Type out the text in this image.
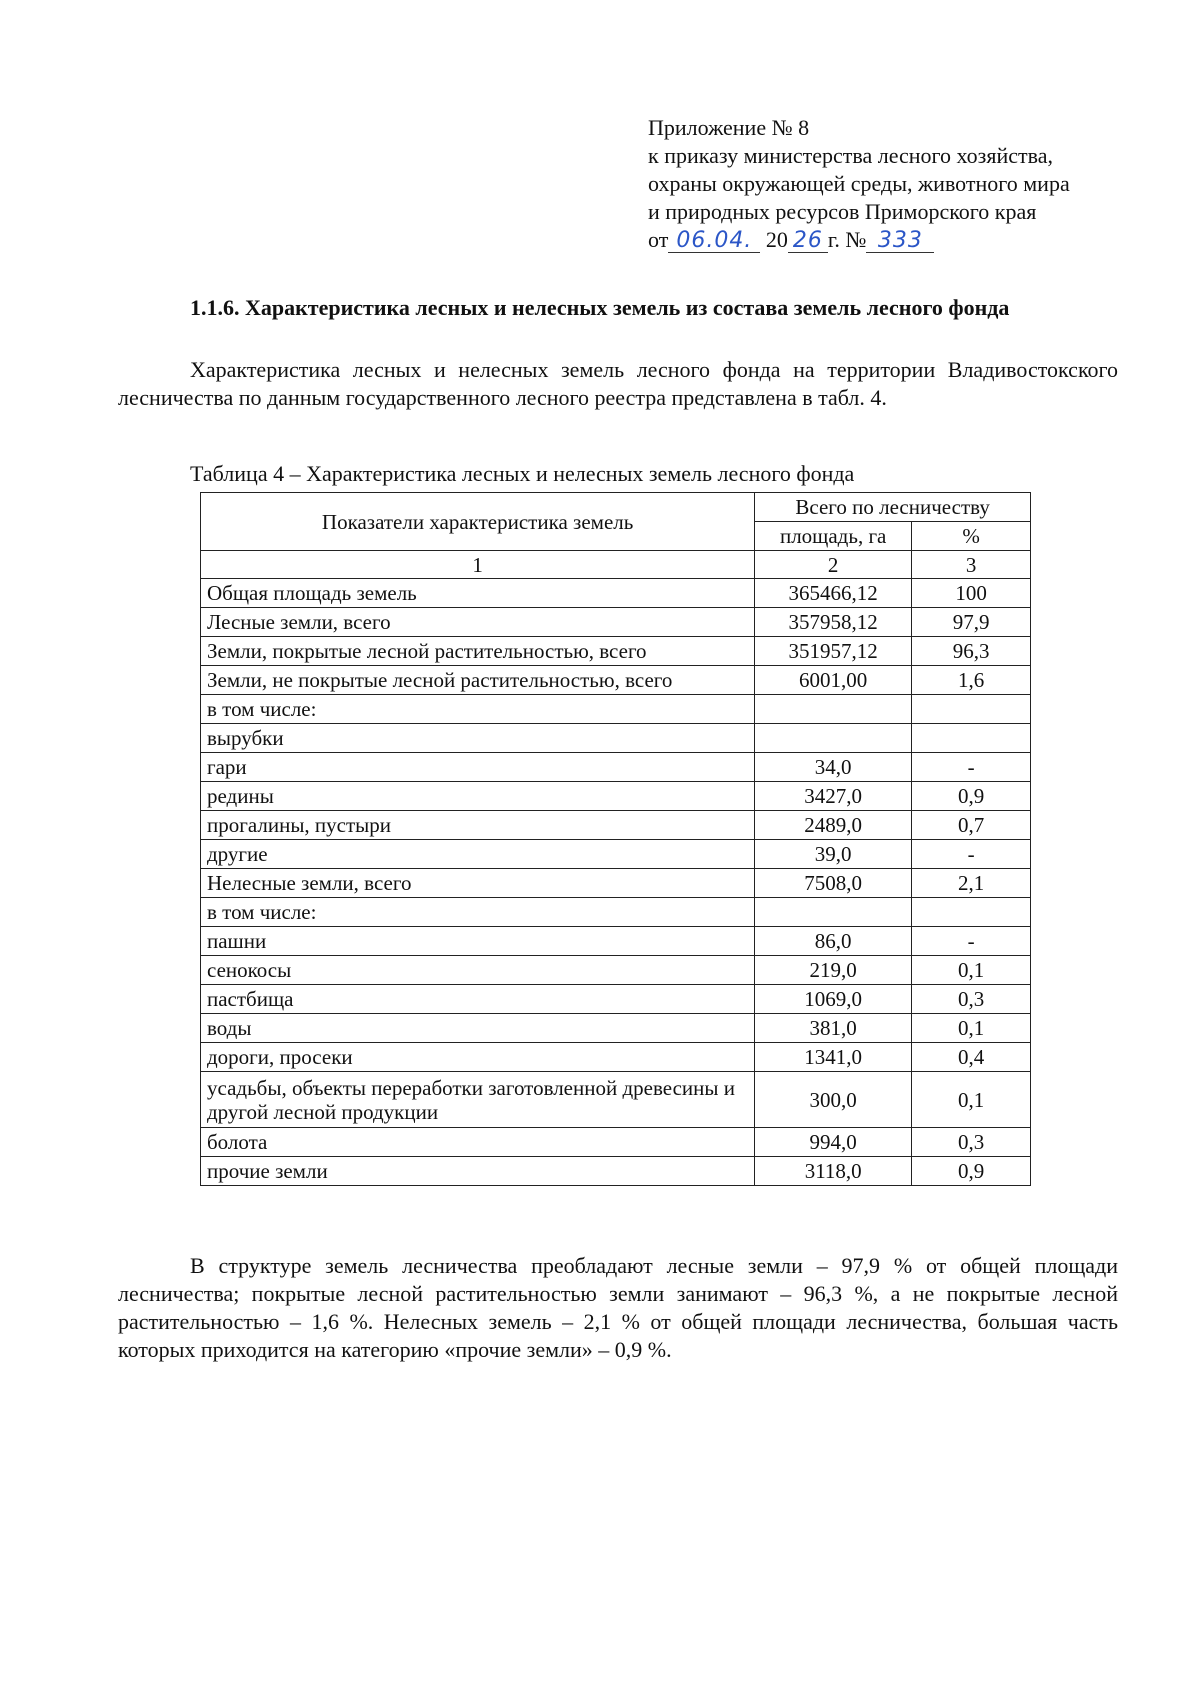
Приложение № 8
к приказу министерства лесного хозяйства,
охраны окружающей среды, животного мира
и природных ресурсов Приморского края
от 06.04. 20 26 г. № 333
1.1.6. Характеристика лесных и нелесных земель из состава земель лесного фонда
Характеристика лесных и нелесных земель лесного фонда на территории Владивостокского лесничества по данным государственного лесного реестра представлена в табл. 4.
Таблица 4 – Характеристика лесных и нелесных земель лесного фонда
Показатели характеристика земель	Всего по лесничеству	
	площадь, га	%
1	2	3
Общая площадь земель	365466,12	100
Лесные земли, всего	357958,12	97,9
Земли, покрытые лесной растительностью, всего	351957,12	96,3
Земли, не покрытые лесной растительностью, всего	6001,00	1,6
в том числе:		
вырубки		
гари	34,0	-
редины	3427,0	0,9
прогалины, пустыри	2489,0	0,7
другие	39,0	-
Нелесные земли, всего	7508,0	2,1
в том числе:		
пашни	86,0	-
сенокосы	219,0	0,1
пастбища	1069,0	0,3
воды	381,0	0,1
дороги, просеки	1341,0	0,4
усадьбы, объекты переработки заготовленной древесины и другой лесной продукции	300,0	0,1
болота	994,0	0,3
прочие земли	3118,0	0,9
В структуре земель лесничества преобладают лесные земли – 97,9 % от общей площади лесничества; покрытые лесной растительностью земли занимают – 96,3 %, а не покрытые лесной растительностью – 1,6 %. Нелесных земель – 2,1 % от общей площади лесничества, большая часть которых приходится на категорию «прочие земли» – 0,9 %.
